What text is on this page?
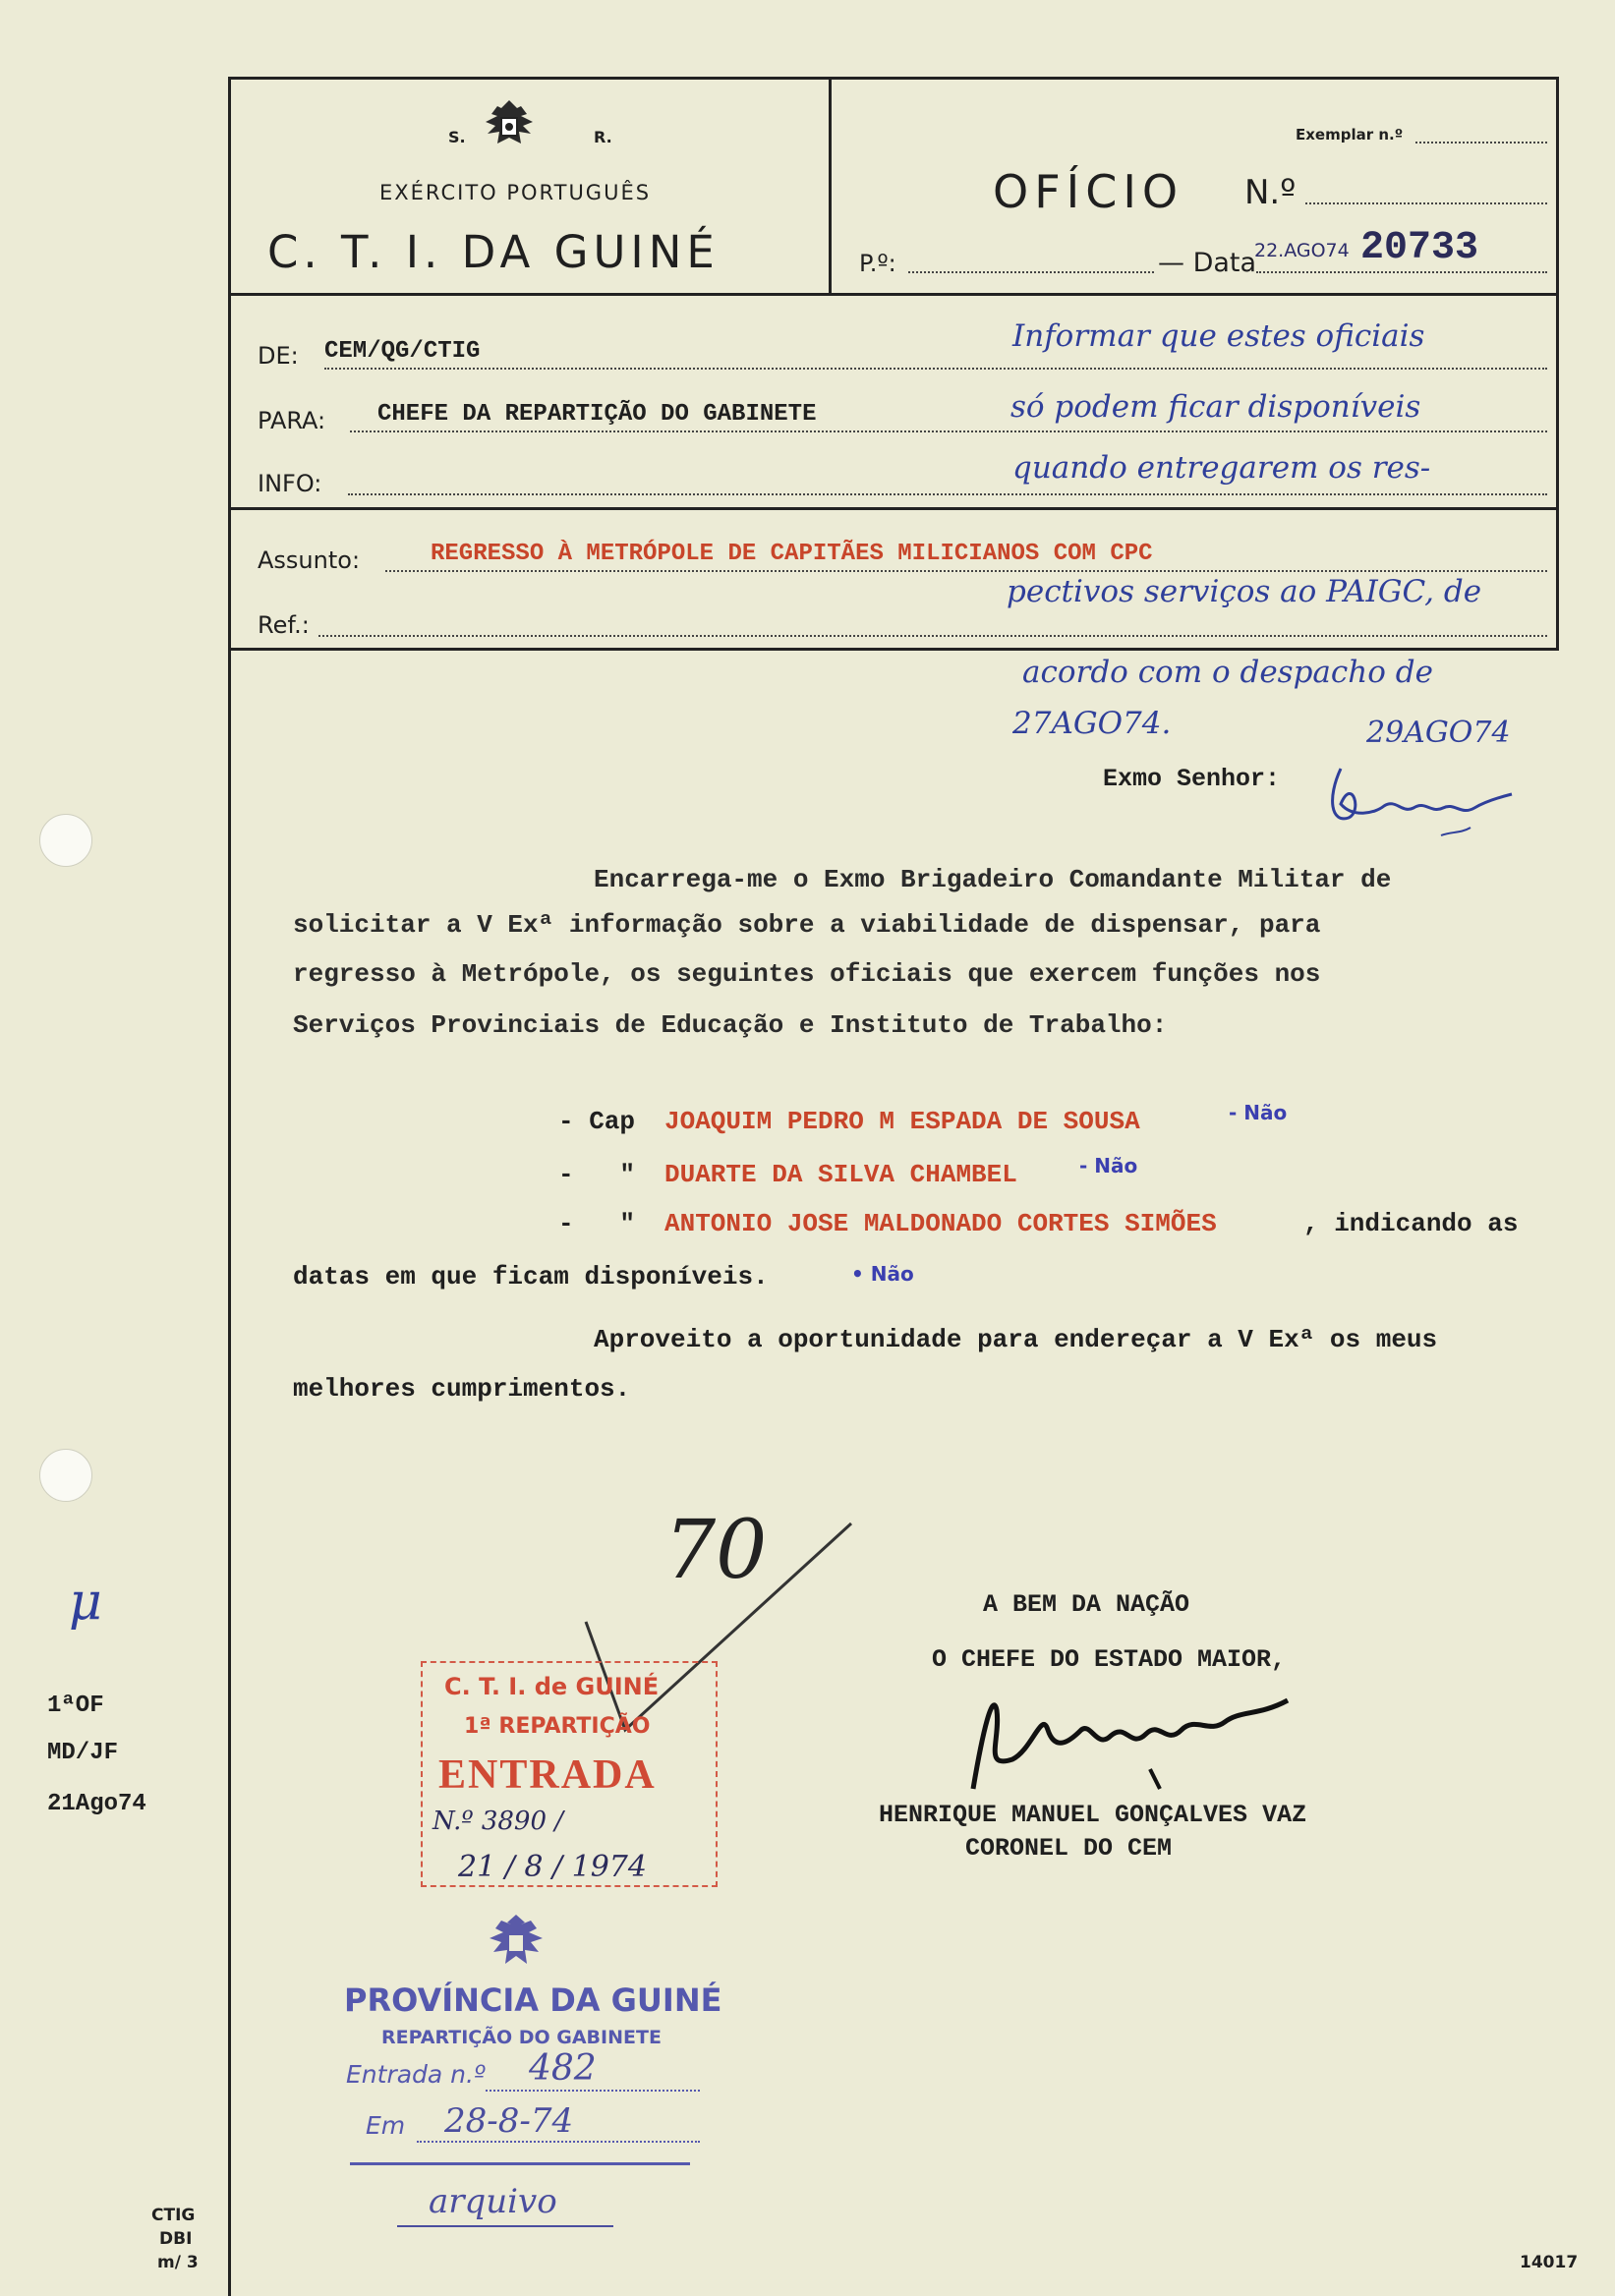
S.	R.
EXÉRCITO PORTUGUÊS
C. T. I. DA GUINÉ
Exemplar n.º
OFÍCIO N.º
P.º:	— Data
22.AGO74 20733
DE: CEM/QG/CTIG
PARA: CHEFE DA REPARTIÇÃO DO GABINETE
INFO:
Informar que estes oficiais
só podem ficar disponíveis
quando entregarem os res-
Assunto:	REGRESSO À METRÓPOLE DE CAPITÃES MILICIANOS COM CPC
Ref.:
pectivos serviços ao PAIGC, de
acordo com o despacho de
27AGO74.	29AGO74
Exmo Senhor:
Encarrega-me o Exmo Brigadeiro Comandante Militar de
solicitar a V Exª informação sobre a viabilidade de dispensar, para
regresso à Metrópole, os seguintes oficiais que exercem funções nos
Serviços Provinciais de Educação e Instituto de Trabalho:
- Cap JOAQUIM PEDRO M ESPADA DE SOUSA	- Não
-   " DUARTE DA SILVA CHAMBEL	- Não
-   " ANTONIO JOSE MALDONADO CORTES SIMÕES	, indicando as
datas em que ficam disponíveis.	• Não
Aproveito a oportunidade para endereçar a V Exª os meus
melhores cumprimentos.
70
A BEM DA NAÇÃO
O CHEFE DO ESTADO MAIOR,
HENRIQUE MANUEL GONÇALVES VAZ
CORONEL DO CEM
μ
1ªOF
MD/JF
21Ago74
C. T. I. de GUINÉ
1ª REPARTIÇÃO
ENTRADA
N.º 3890 /
21 / 8 / 1974
PROVÍNCIA DA GUINÉ
REPARTIÇÃO DO GABINETE
Entrada n.º 482
Em 28-8-74
arquivo
CTIG
DBI
m/ 3	14017
